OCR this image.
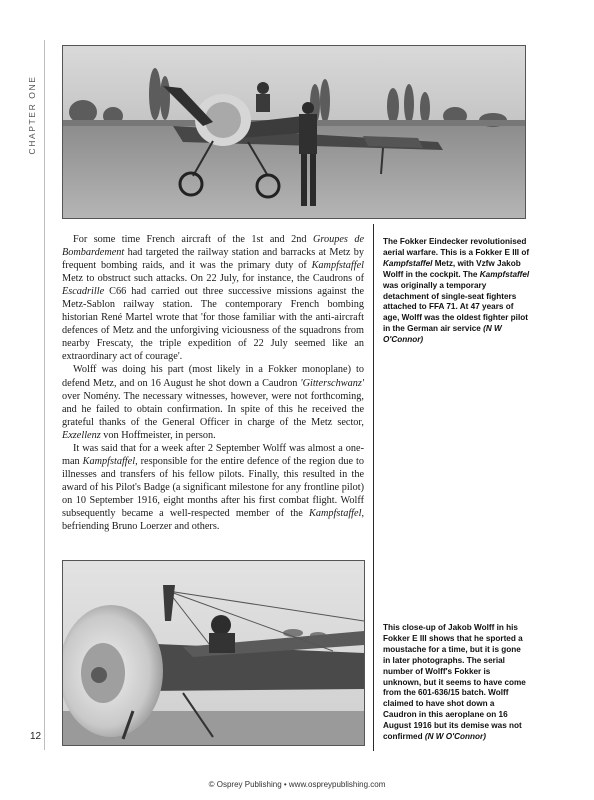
CHAPTER ONE
12

For some time French aircraft of the 1st and 2nd Groupes de Bombardement had targeted the railway station and barracks at Metz by frequent bombing raids, and it was the primary duty of Kampfstaffel Metz to obstruct such attacks. On 22 July, for instance, the Caudrons of Escadrille C66 had carried out three successive missions against the Metz-Sablon railway station. The contemporary French bombing historian René Martel wrote that 'for those familiar with the anti-aircraft defences of Metz and the unforgiving viciousness of the squadrons from nearby Frescaty, the triple expedition of 22 July seemed like an extraordinary act of courage'.

Wolff was doing his part (most likely in a Fokker monoplane) to defend Metz, and on 16 August he shot down a Caudron 'Gitterschwanz' over Nomény. The necessary witnesses, however, were not forthcoming, and he failed to obtain confirmation. In spite of this he received the grateful thanks of the General Officer in charge of the Metz sector, Exzellenz von Hoffmeister, in person.

It was said that for a week after 2 September Wolff was almost a one-man Kampfstaffel, responsible for the entire defence of the region due to illnesses and transfers of his fellow pilots. Finally, this resulted in the award of his Pilot's Badge (a significant milestone for any frontline pilot) on 10 September 1916, eight months after his first combat flight. Wolff subsequently became a well-respected member of the Kampfstaffel, befriending Bruno Loerzer and others.

The Fokker Eindecker revolutionised aerial warfare. This is a Fokker E III of Kampfstaffel Metz, with Vzfw Jakob Wolff in the cockpit. The Kampfstaffel was originally a temporary detachment of single-seat fighters attached to FFA 71. At 47 years of age, Wolff was the oldest fighter pilot in the German air service (N W O'Connor)
This close-up of Jakob Wolff in his Fokker E III shows that he sported a moustache for a time, but it is gone in later photographs. The serial number of Wolff's Fokker is unknown, but it seems to have come from the 601-636/15 batch. Wolff claimed to have shot down a Caudron in this aeroplane on 16 August 1916 but its demise was not confirmed (N W O'Connor)
© Osprey Publishing • www.ospreypublishing.com
